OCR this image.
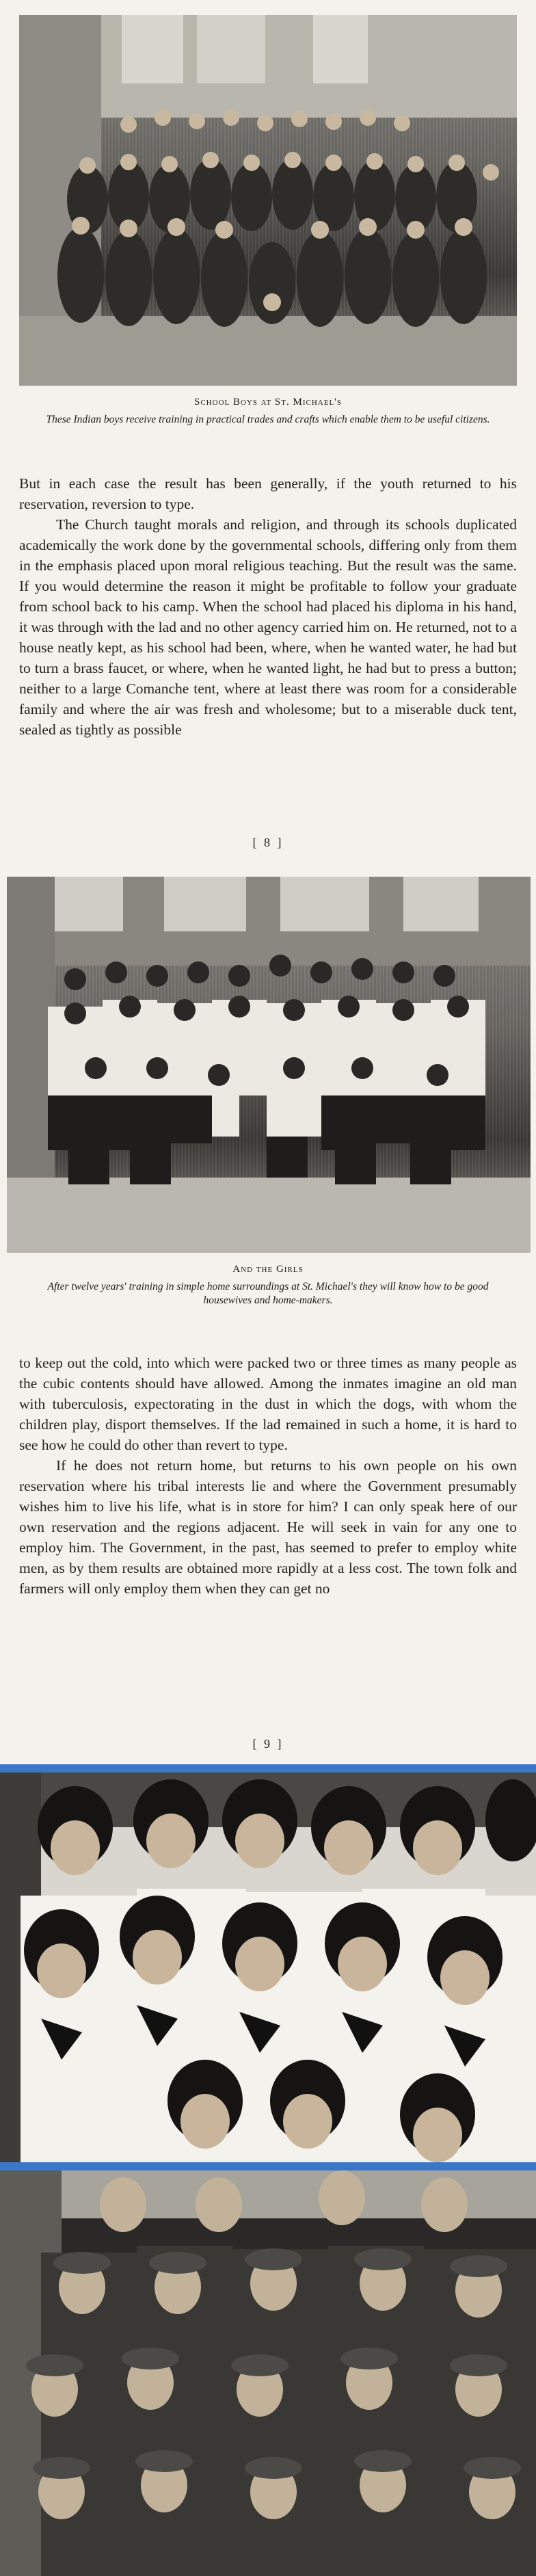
School Boys at St. Michael's
These Indian boys receive training in practical trades and crafts which enable them to be useful citizens.

But in each case the result has been generally, if the youth returned to his reservation, reversion to type.

The Church taught morals and religion, and through its schools duplicated academically the work done by the governmental schools, differing only from them in the emphasis placed upon moral religious teaching. But the result was the same. If you would determine the reason it might be profitable to follow your graduate from school back to his camp. When the school had placed his diploma in his hand, it was through with the lad and no other agency carried him on. He returned, not to a house neatly kept, as his school had been, where, when he wanted water, he had but to turn a brass faucet, or where, when he wanted light, he had but to press a button; neither to a large Comanche tent, where at least there was room for a considerable family and where the air was fresh and wholesome; but to a miserable duck tent, sealed as tightly as possible

[ 8 ]
And the Girls
After twelve years' training in simple home surroundings at St. Michael's they will know how to be good housewives and home-makers.

to keep out the cold, into which were packed two or three times as many people as the cubic contents should have allowed. Among the inmates imagine an old man with tuberculosis, expectorating in the dust in which the dogs, with whom the children play, disport themselves. If the lad remained in such a home, it is hard to see how he could do other than revert to type.

If he does not return home, but returns to his own people on his own reservation where his tribal interests lie and where the Government presumably wishes him to live his life, what is in store for him? I can only speak here of our own reservation and the regions adjacent. He will seek in vain for any one to employ him. The Government, in the past, has seemed to prefer to employ white men, as by them results are obtained more rapidly at a less cost. The town folk and farmers will only employ them when they can get no

[ 9 ]
